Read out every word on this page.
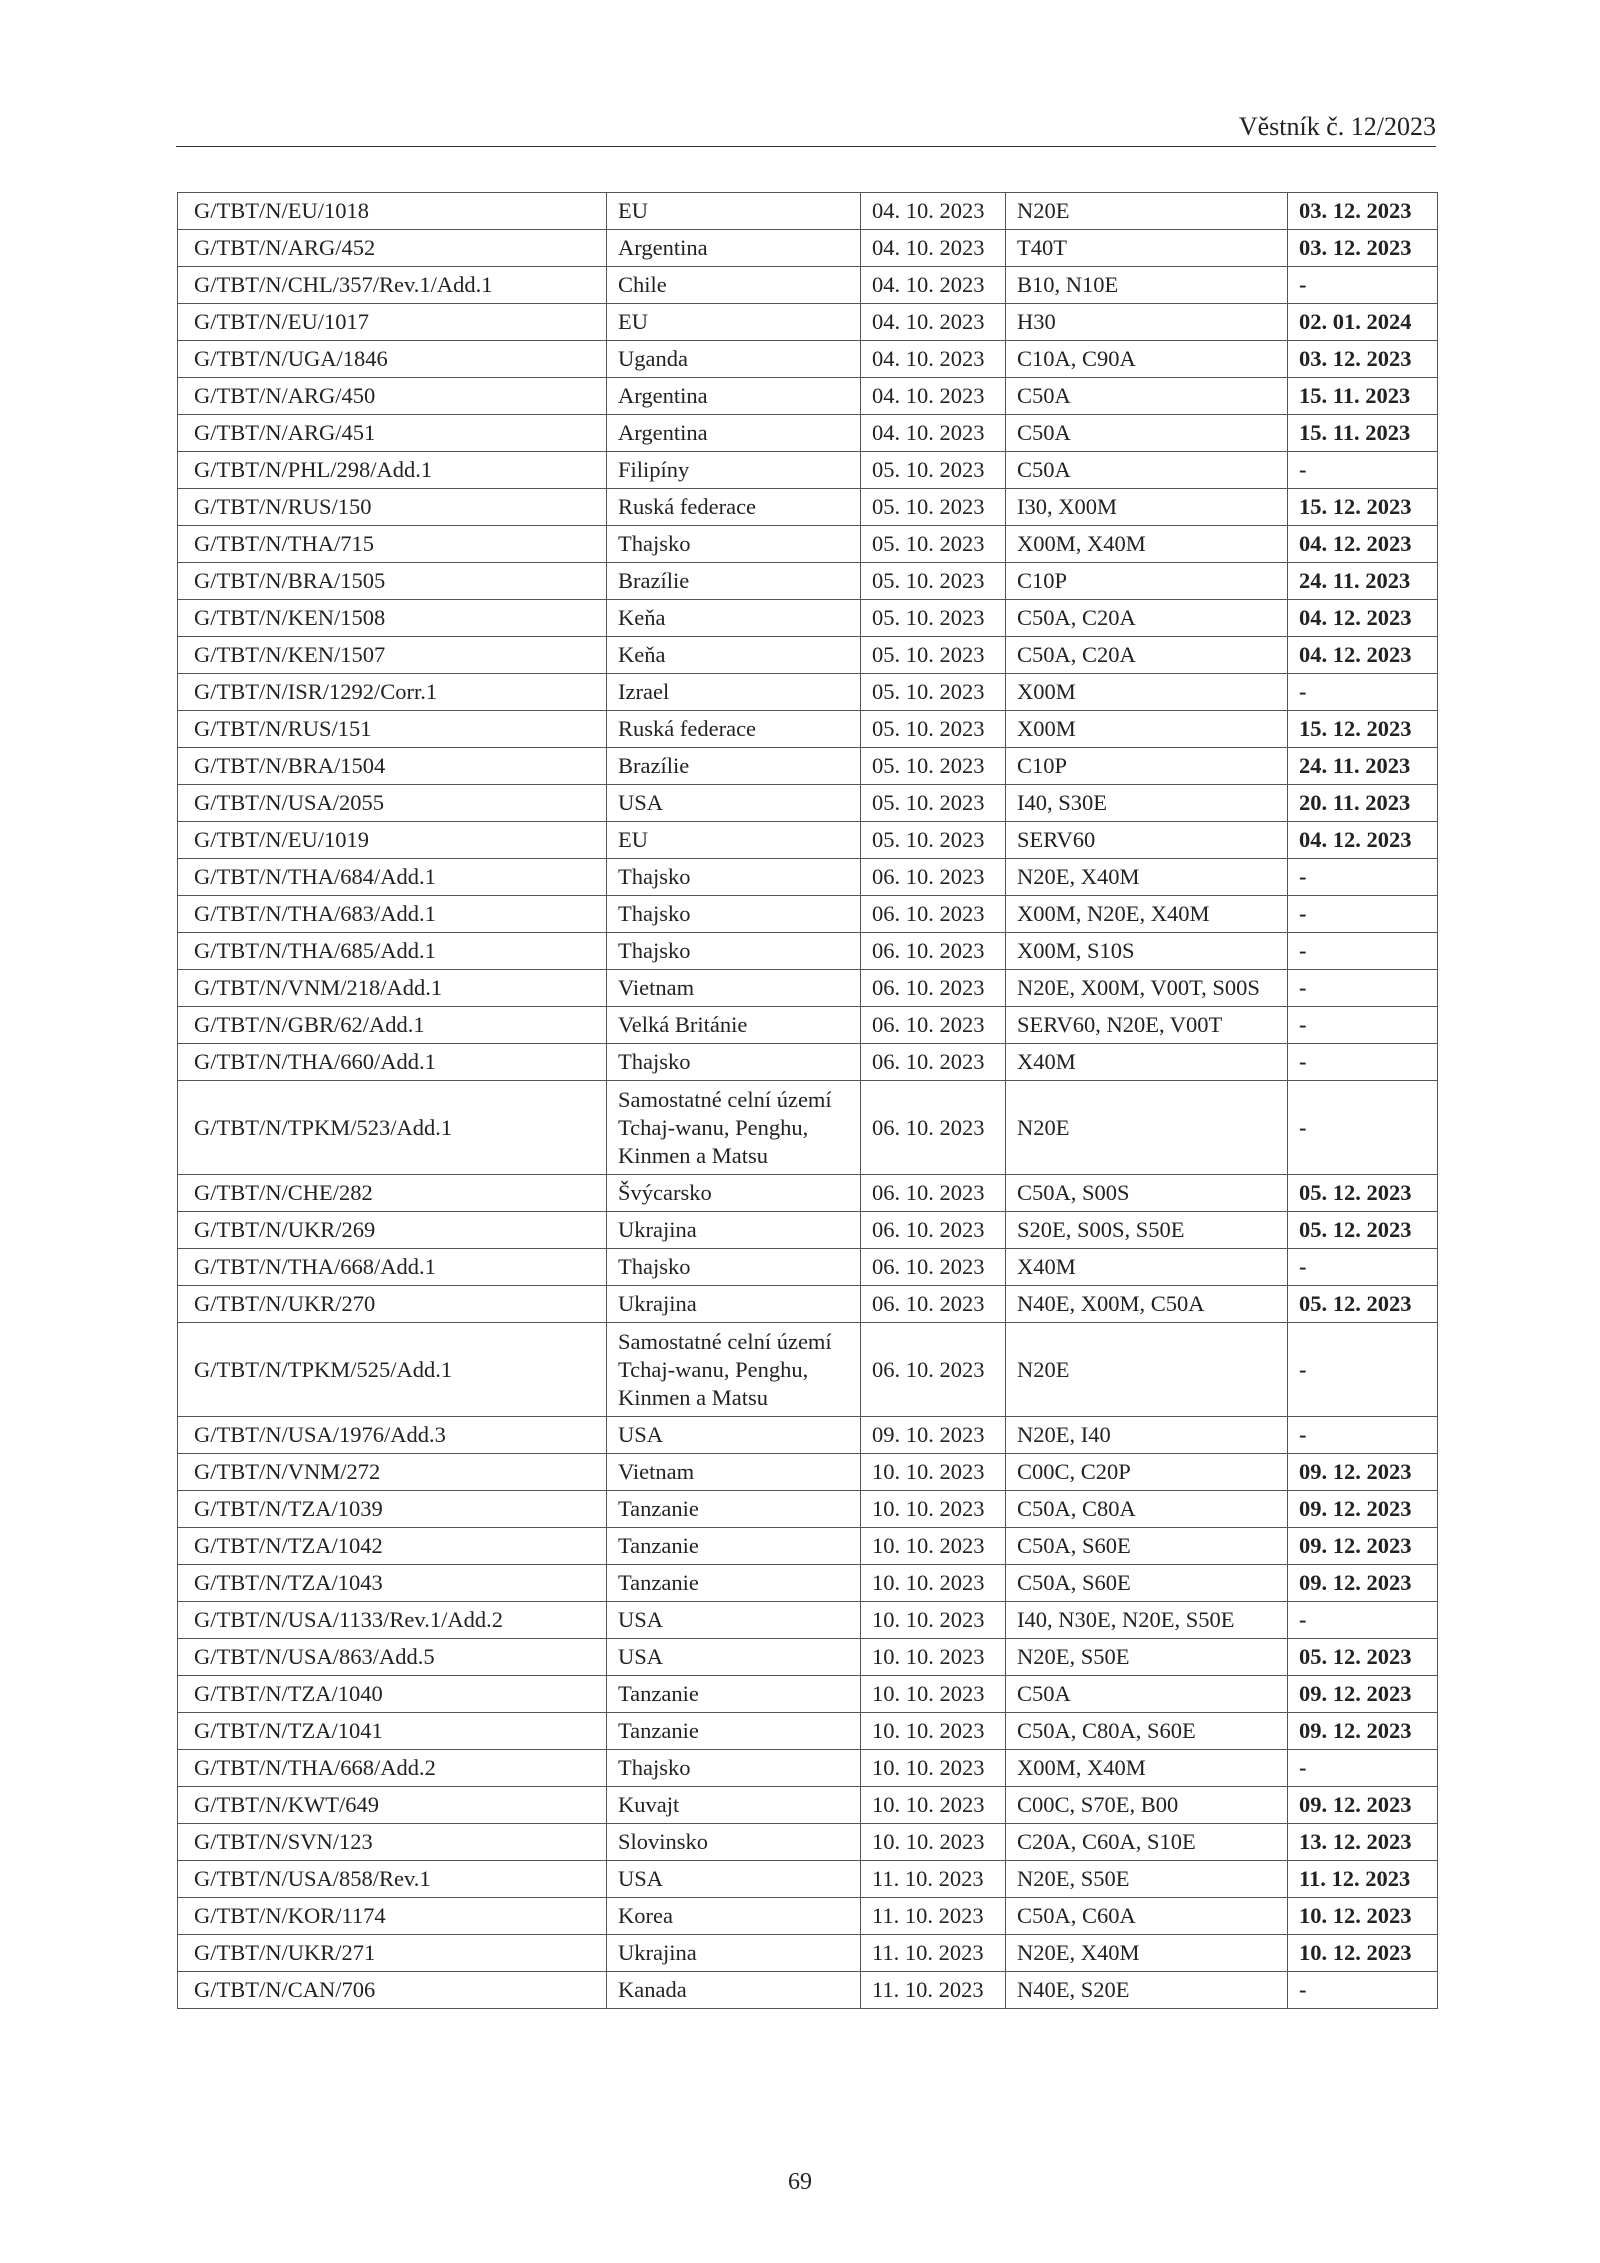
Věstník č. 12/2023
G/TBT/N/EU/1018	EU	04. 10. 2023	N20E	03. 12. 2023
G/TBT/N/ARG/452	Argentina	04. 10. 2023	T40T	03. 12. 2023
G/TBT/N/CHL/357/Rev.1/Add.1	Chile	04. 10. 2023	B10, N10E	-
G/TBT/N/EU/1017	EU	04. 10. 2023	H30	02. 01. 2024
G/TBT/N/UGA/1846	Uganda	04. 10. 2023	C10A, C90A	03. 12. 2023
G/TBT/N/ARG/450	Argentina	04. 10. 2023	C50A	15. 11. 2023
G/TBT/N/ARG/451	Argentina	04. 10. 2023	C50A	15. 11. 2023
G/TBT/N/PHL/298/Add.1	Filipíny	05. 10. 2023	C50A	-
G/TBT/N/RUS/150	Ruská federace	05. 10. 2023	I30, X00M	15. 12. 2023
G/TBT/N/THA/715	Thajsko	05. 10. 2023	X00M, X40M	04. 12. 2023
G/TBT/N/BRA/1505	Brazílie	05. 10. 2023	C10P	24. 11. 2023
G/TBT/N/KEN/1508	Keňa	05. 10. 2023	C50A, C20A	04. 12. 2023
G/TBT/N/KEN/1507	Keňa	05. 10. 2023	C50A, C20A	04. 12. 2023
G/TBT/N/ISR/1292/Corr.1	Izrael	05. 10. 2023	X00M	-
G/TBT/N/RUS/151	Ruská federace	05. 10. 2023	X00M	15. 12. 2023
G/TBT/N/BRA/1504	Brazílie	05. 10. 2023	C10P	24. 11. 2023
G/TBT/N/USA/2055	USA	05. 10. 2023	I40, S30E	20. 11. 2023
G/TBT/N/EU/1019	EU	05. 10. 2023	SERV60	04. 12. 2023
G/TBT/N/THA/684/Add.1	Thajsko	06. 10. 2023	N20E, X40M	-
G/TBT/N/THA/683/Add.1	Thajsko	06. 10. 2023	X00M, N20E, X40M	-
G/TBT/N/THA/685/Add.1	Thajsko	06. 10. 2023	X00M, S10S	-
G/TBT/N/VNM/218/Add.1	Vietnam	06. 10. 2023	N20E, X00M, V00T, S00S	-
G/TBT/N/GBR/62/Add.1	Velká Británie	06. 10. 2023	SERV60, N20E, V00T	-
G/TBT/N/THA/660/Add.1	Thajsko	06. 10. 2023	X40M	-
G/TBT/N/TPKM/523/Add.1	Samostatné celní území Tchaj-wanu, Penghu, Kinmen a Matsu	06. 10. 2023	N20E	-
G/TBT/N/CHE/282	Švýcarsko	06. 10. 2023	C50A, S00S	05. 12. 2023
G/TBT/N/UKR/269	Ukrajina	06. 10. 2023	S20E, S00S, S50E	05. 12. 2023
G/TBT/N/THA/668/Add.1	Thajsko	06. 10. 2023	X40M	-
G/TBT/N/UKR/270	Ukrajina	06. 10. 2023	N40E, X00M, C50A	05. 12. 2023
G/TBT/N/TPKM/525/Add.1	Samostatné celní území Tchaj-wanu, Penghu, Kinmen a Matsu	06. 10. 2023	N20E	-
G/TBT/N/USA/1976/Add.3	USA	09. 10. 2023	N20E, I40	-
G/TBT/N/VNM/272	Vietnam	10. 10. 2023	C00C, C20P	09. 12. 2023
G/TBT/N/TZA/1039	Tanzanie	10. 10. 2023	C50A, C80A	09. 12. 2023
G/TBT/N/TZA/1042	Tanzanie	10. 10. 2023	C50A, S60E	09. 12. 2023
G/TBT/N/TZA/1043	Tanzanie	10. 10. 2023	C50A, S60E	09. 12. 2023
G/TBT/N/USA/1133/Rev.1/Add.2	USA	10. 10. 2023	I40, N30E, N20E, S50E	-
G/TBT/N/USA/863/Add.5	USA	10. 10. 2023	N20E, S50E	05. 12. 2023
G/TBT/N/TZA/1040	Tanzanie	10. 10. 2023	C50A	09. 12. 2023
G/TBT/N/TZA/1041	Tanzanie	10. 10. 2023	C50A, C80A, S60E	09. 12. 2023
G/TBT/N/THA/668/Add.2	Thajsko	10. 10. 2023	X00M, X40M	-
G/TBT/N/KWT/649	Kuvajt	10. 10. 2023	C00C, S70E, B00	09. 12. 2023
G/TBT/N/SVN/123	Slovinsko	10. 10. 2023	C20A, C60A, S10E	13. 12. 2023
G/TBT/N/USA/858/Rev.1	USA	11. 10. 2023	N20E, S50E	11. 12. 2023
G/TBT/N/KOR/1174	Korea	11. 10. 2023	C50A, C60A	10. 12. 2023
G/TBT/N/UKR/271	Ukrajina	11. 10. 2023	N20E, X40M	10. 12. 2023
G/TBT/N/CAN/706	Kanada	11. 10. 2023	N40E, S20E	-
69
